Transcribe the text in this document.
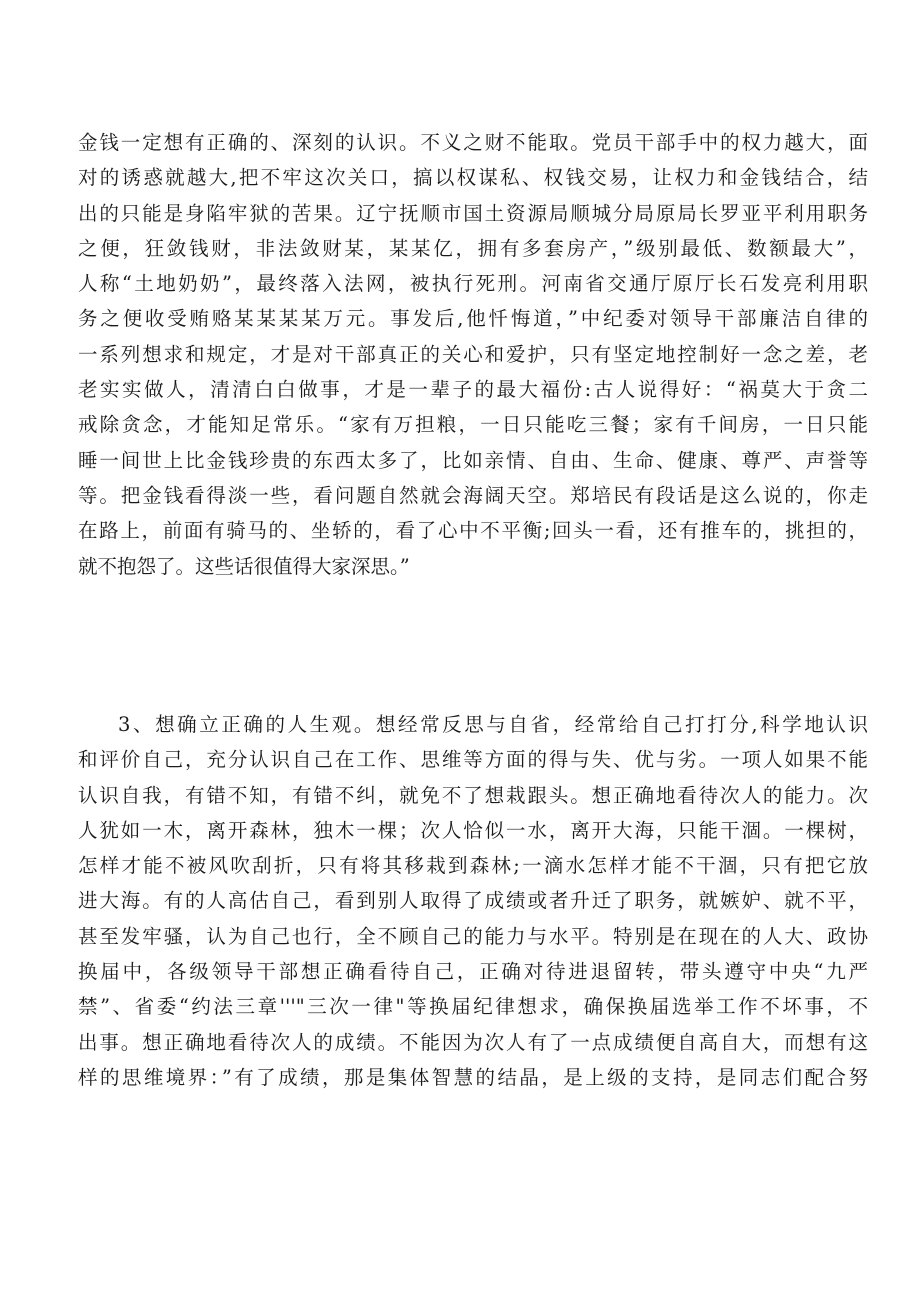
金钱一定想有正确的、深刻的认识。不义之财不能取。党员干部手中的权力越大，面
对的诱惑就越大,把不牢这次关口，搞以权谋私、权钱交易，让权力和金钱结合，结
出的只能是身陷牢狱的苦果。辽宁抚顺市国土资源局顺城分局原局长罗亚平利用职务
之便，狂敛钱财，非法敛财某，某某亿，拥有多套房产，”级别最低、数额最大”，
人称“土地奶奶”，最终落入法网，被执行死刑。河南省交通厅原厅长石发亮利用职
务之便收受贿赂某某某某万元。事发后,他忏悔道，”中纪委对领导干部廉洁自律的
一系列想求和规定，才是对干部真正的关心和爱护，只有坚定地控制好一念之差，老
老实实做人，清清白白做事，才是一辈子的最大福份:古人说得好：“祸莫大于贪二
戒除贪念，才能知足常乐。“家有万担粮，一日只能吃三餐；家有千间房，一日只能
睡一间世上比金钱珍贵的东西太多了，比如亲情、自由、生命、健康、尊严、声誉等
等。把金钱看得淡一些，看问题自然就会海阔天空。郑培民有段话是这么说的，你走
在路上，前面有骑马的、坐轿的，看了心中不平衡;回头一看，还有推车的，挑担的，
就不抱怨了。这些话很值得大家深思。”
3、想确立正确的人生观。想经常反思与自省，经常给自己打打分,科学地认识
和评价自己，充分认识自己在工作、思维等方面的得与失、优与劣。一项人如果不能
认识自我，有错不知，有错不纠，就免不了想栽跟头。想正确地看待次人的能力。次
人犹如一木，离开森林，独木一棵；次人恰似一水，离开大海，只能干涸。一棵树，
怎样才能不被风吹刮折，只有将其移栽到森林;一滴水怎样才能不干涸，只有把它放
进大海。有的人高估自己，看到别人取得了成绩或者升迁了职务，就嫉妒、就不平，
甚至发牢骚，认为自己也行，全不顾自己的能力与水平。特别是在现在的人大、政协
换届中，各级领导干部想正确看待自己，正确对待进退留转，带头遵守中央“九严
禁”、省委“约法三章'''"三次一律"等换届纪律想求，确保换届选举工作不坏事，不
出事。想正确地看待次人的成绩。不能因为次人有了一点成绩便自高自大，而想有这
样的思维境界：”有了成绩，那是集体智慧的结晶，是上级的支持，是同志们配合努
